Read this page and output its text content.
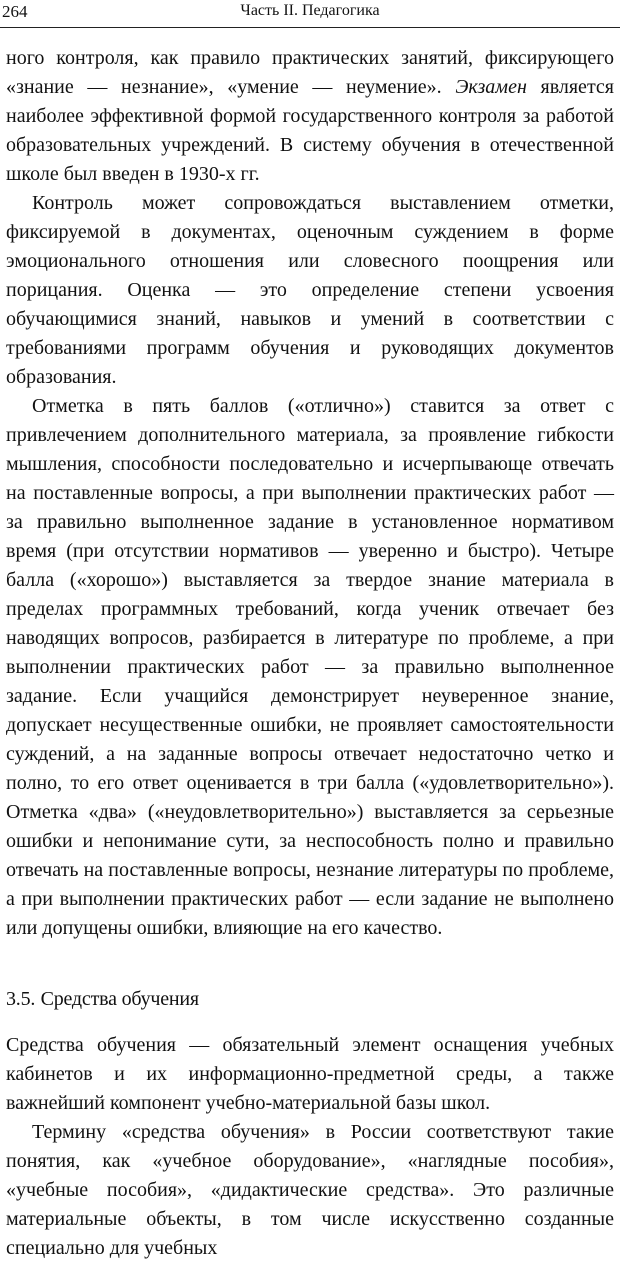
264	Часть II. Педагогика

ного контроля, как правило практических занятий, фиксирующего «знание — незнание», «умение — неумение». Экзамен является наиболее эффективной формой государственного контроля за работой образовательных учреждений. В систему обучения в отечественной школе был введен в 1930-х гг.

Контроль может сопровождаться выставлением отметки, фиксируемой в документах, оценочным суждением в форме эмоционального отношения или словесного поощрения или порицания. Оценка — это определение степени усвоения обучающимися знаний, навыков и умений в соответствии с требованиями программ обучения и руководящих документов образования.

Отметка в пять баллов («отлично») ставится за ответ с привлечением дополнительного материала, за проявление гибкости мышления, способности последовательно и исчерпывающе отвечать на поставленные вопросы, а при выполнении практических работ — за правильно выполненное задание в установленное нормативом время (при отсутствии нормативов — уверенно и быстро). Четыре балла («хорошо») выставляется за твердое знание материала в пределах программных требований, когда ученик отвечает без наводящих вопросов, разбирается в литературе по проблеме, а при выполнении практических работ — за правильно выполненное задание. Если учащийся демонстрирует неуверенное знание, допускает несущественные ошибки, не проявляет самостоятельности суждений, а на заданные вопросы отвечает недостаточно четко и полно, то его ответ оценивается в три балла («удовлетворительно»). Отметка «два» («неудовлетворительно») выставляется за серьезные ошибки и непонимание сути, за неспособность полно и правильно отвечать на поставленные вопросы, незнание литературы по проблеме, а при выполнении практических работ — если задание не выполнено или допущены ошибки, влияющие на его качество.

3.5. Средства обучения

Средства обучения — обязательный элемент оснащения учебных кабинетов и их информационно-предметной среды, а также важнейший компонент учебно-материальной базы школ.

Термину «средства обучения» в России соответствуют такие понятия, как «учебное оборудование», «наглядные пособия», «учебные пособия», «дидактические средства». Это различные материальные объекты, в том числе искусственно созданные специально для учебных
